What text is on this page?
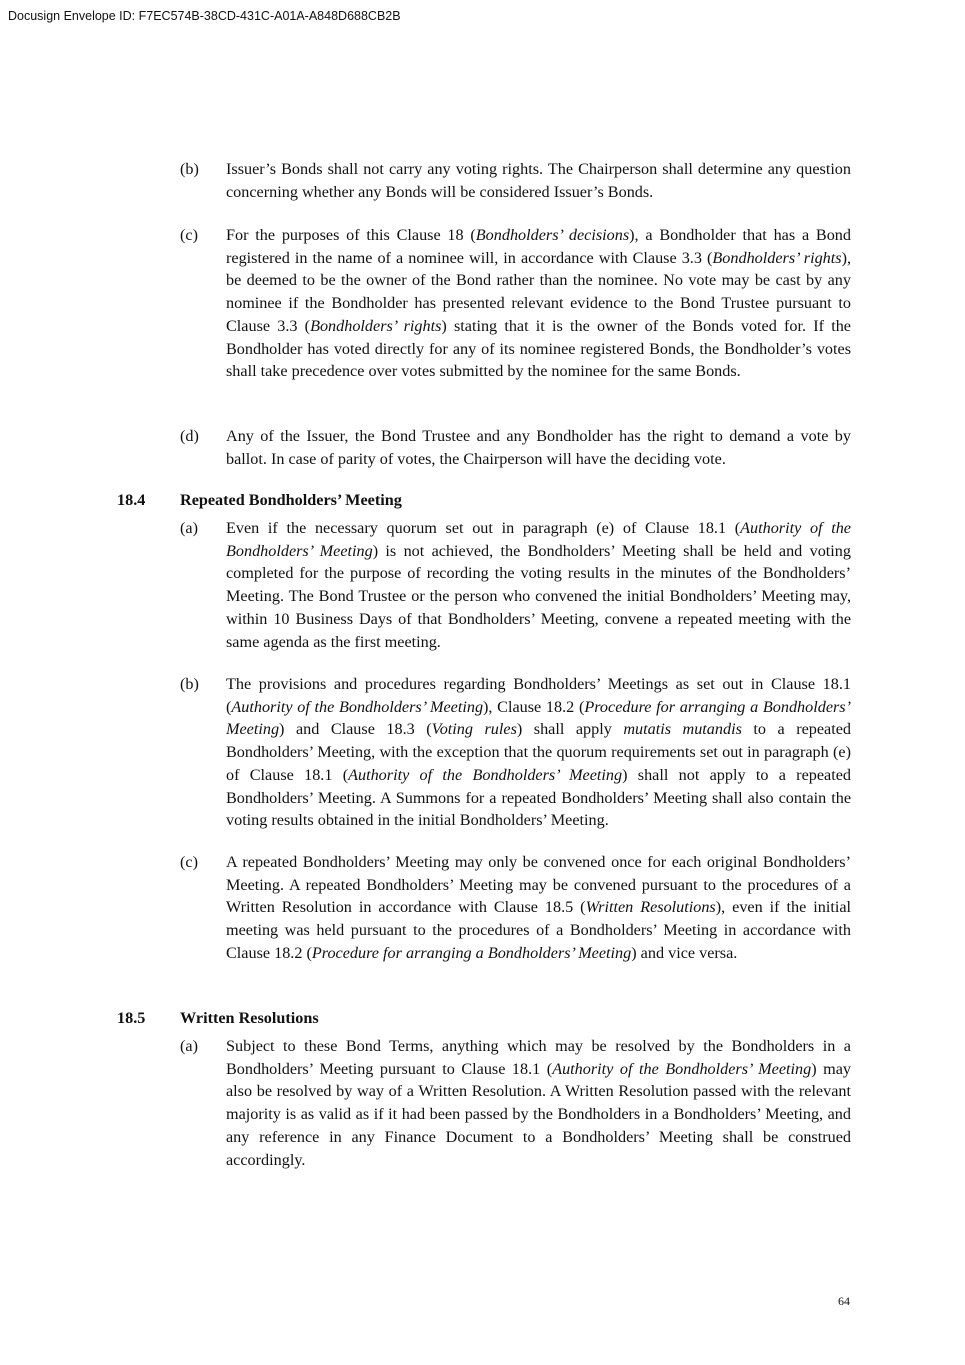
Docusign Envelope ID: F7EC574B-38CD-431C-A01A-A848D688CB2B
(b) Issuer’s Bonds shall not carry any voting rights. The Chairperson shall determine any question concerning whether any Bonds will be considered Issuer’s Bonds.
(c) For the purposes of this Clause 18 (Bondholders’ decisions), a Bondholder that has a Bond registered in the name of a nominee will, in accordance with Clause 3.3 (Bondholders’ rights), be deemed to be the owner of the Bond rather than the nominee. No vote may be cast by any nominee if the Bondholder has presented relevant evidence to the Bond Trustee pursuant to Clause 3.3 (Bondholders’ rights) stating that it is the owner of the Bonds voted for. If the Bondholder has voted directly for any of its nominee registered Bonds, the Bondholder’s votes shall take precedence over votes submitted by the nominee for the same Bonds.
(d) Any of the Issuer, the Bond Trustee and any Bondholder has the right to demand a vote by ballot. In case of parity of votes, the Chairperson will have the deciding vote.
18.4 Repeated Bondholders’ Meeting
(a) Even if the necessary quorum set out in paragraph (e) of Clause 18.1 (Authority of the Bondholders’ Meeting) is not achieved, the Bondholders’ Meeting shall be held and voting completed for the purpose of recording the voting results in the minutes of the Bondholders’ Meeting. The Bond Trustee or the person who convened the initial Bondholders’ Meeting may, within 10 Business Days of that Bondholders’ Meeting, convene a repeated meeting with the same agenda as the first meeting.
(b) The provisions and procedures regarding Bondholders’ Meetings as set out in Clause 18.1 (Authority of the Bondholders’ Meeting), Clause 18.2 (Procedure for arranging a Bondholders’ Meeting) and Clause 18.3 (Voting rules) shall apply mutatis mutandis to a repeated Bondholders’ Meeting, with the exception that the quorum requirements set out in paragraph (e) of Clause 18.1 (Authority of the Bondholders’ Meeting) shall not apply to a repeated Bondholders’ Meeting. A Summons for a repeated Bondholders’ Meeting shall also contain the voting results obtained in the initial Bondholders’ Meeting.
(c) A repeated Bondholders’ Meeting may only be convened once for each original Bondholders’ Meeting. A repeated Bondholders’ Meeting may be convened pursuant to the procedures of a Written Resolution in accordance with Clause 18.5 (Written Resolutions), even if the initial meeting was held pursuant to the procedures of a Bondholders’ Meeting in accordance with Clause 18.2 (Procedure for arranging a Bondholders’ Meeting) and vice versa.
18.5 Written Resolutions
(a) Subject to these Bond Terms, anything which may be resolved by the Bondholders in a Bondholders’ Meeting pursuant to Clause 18.1 (Authority of the Bondholders’ Meeting) may also be resolved by way of a Written Resolution. A Written Resolution passed with the relevant majority is as valid as if it had been passed by the Bondholders in a Bondholders’ Meeting, and any reference in any Finance Document to a Bondholders’ Meeting shall be construed accordingly.
64
